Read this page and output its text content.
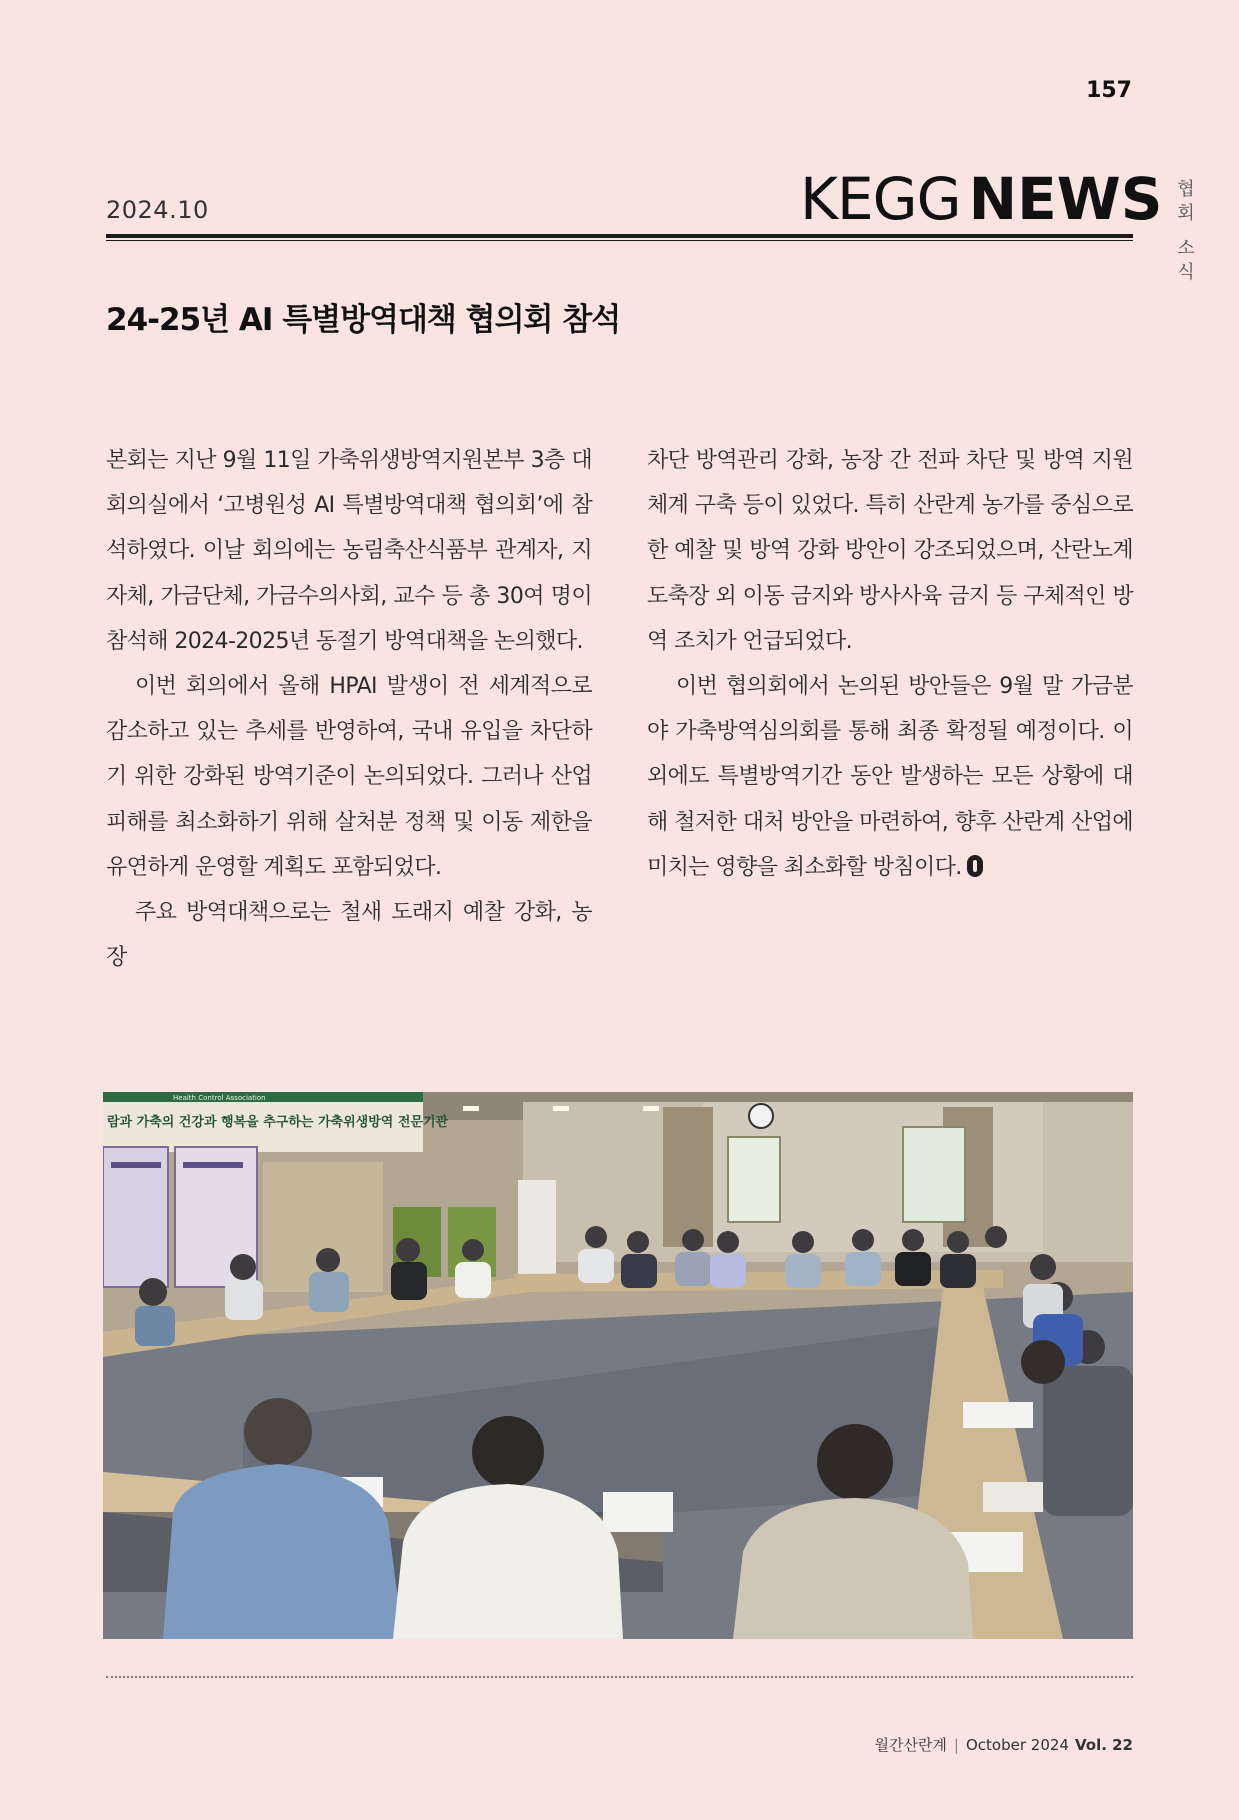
157
2024.10	KEGG NEWS 협
회
소
식
24-25년 AI 특별방역대책 협의회 참석

본회는 지난 9월 11일 가축위생방역지원본부 3층 대회의실에서 ‘고병원성 AI 특별방역대책 협의회’에 참석하였다. 이날 회의에는 농림축산식품부 관계자, 지자체, 가금단체, 가금수의사회, 교수 등 총 30여 명이 참석해 2024-2025년 동절기 방역대책을 논의했다.

이번 회의에서 올해 HPAI 발생이 전 세계적으로 감소하고 있는 추세를 반영하여, 국내 유입을 차단하기 위한 강화된 방역기준이 논의되었다. 그러나 산업 피해를 최소화하기 위해 살처분 정책 및 이동 제한을 유연하게 운영할 계획도 포함되었다.

주요 방역대책으로는 철새 도래지 예찰 강화, 농장

차단 방역관리 강화, 농장 간 전파 차단 및 방역 지원체계 구축 등이 있었다. 특히 산란계 농가를 중심으로 한 예찰 및 방역 강화 방안이 강조되었으며, 산란노계 도축장 외 이동 금지와 방사사육 금지 등 구체적인 방역 조치가 언급되었다.

이번 협의회에서 논의된 방안들은 9월 말 가금분야 가축방역심의회를 통해 최종 확정될 예정이다. 이 외에도 특별방역기간 동안 발생하는 모든 상황에 대해 철저한 대처 방안을 마련하여, 향후 산란계 산업에 미치는 영향을 최소화할 방침이다.

Health Control Association
람과 가축의 건강과 행복을 추구하는 가축위생방역 전문기관
월간산란계 | October 2024 Vol. 22
